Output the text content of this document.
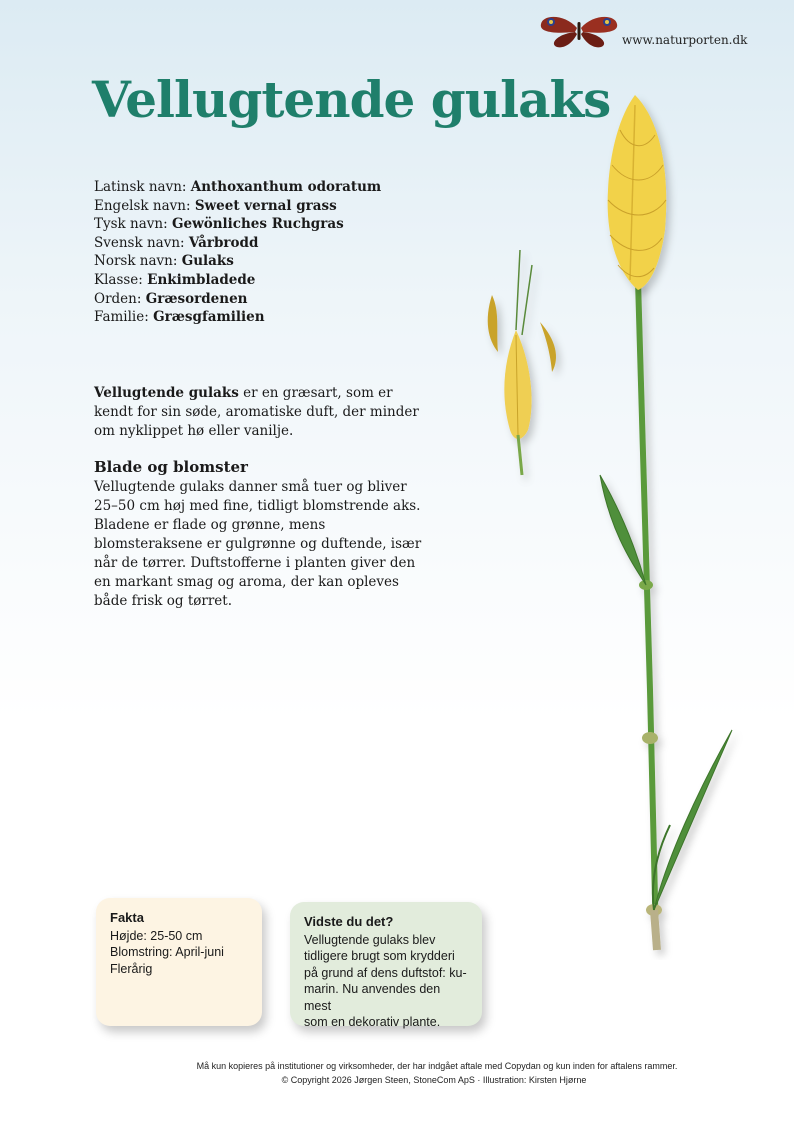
www.naturporten.dk
Vellugtende gulaks
Latinsk navn: Anthoxanthum odoratum
Engelsk navn: Sweet vernal grass
Tysk navn: Gewönliches Ruchgras
Svensk navn: Vårbrodd
Norsk navn: Gulaks
Klasse: Enkimbladede
Orden: Græsordenen
Familie: Græsgfamilien

Vellugtende gulaks er en græsart, som er kendt for sin søde, aromatiske duft, der minder om nyklippet hø eller vanilje.

Blade og blomster

Vellugtende gulaks danner små tuer og bliver 25–50 cm høj med fine, tidligt blomstrende aks. Bladene er flade og grønne, mens blomsteraksene er gulgrønne og duftende, især når de tørrer. Duftstofferne i planten giver den en markant smag og aroma, der kan opleves både frisk og tørret.

Fakta
Højde: 25-50 cm
Blomstring: April-juni
Flerårig
Vidste du det?
Vellugtende gulaks blev
tidligere brugt som krydderi
på grund af dens duftstof: ku-
marin. Nu anvendes den mest
som en dekorativ plante.
Må kun kopieres på institutioner og virksomheder, der har indgået aftale med Copydan og kun inden for aftalens rammer.
© Copyright 2026 Jørgen Steen, StoneCom ApS · Illustration: Kirsten Hjørne
